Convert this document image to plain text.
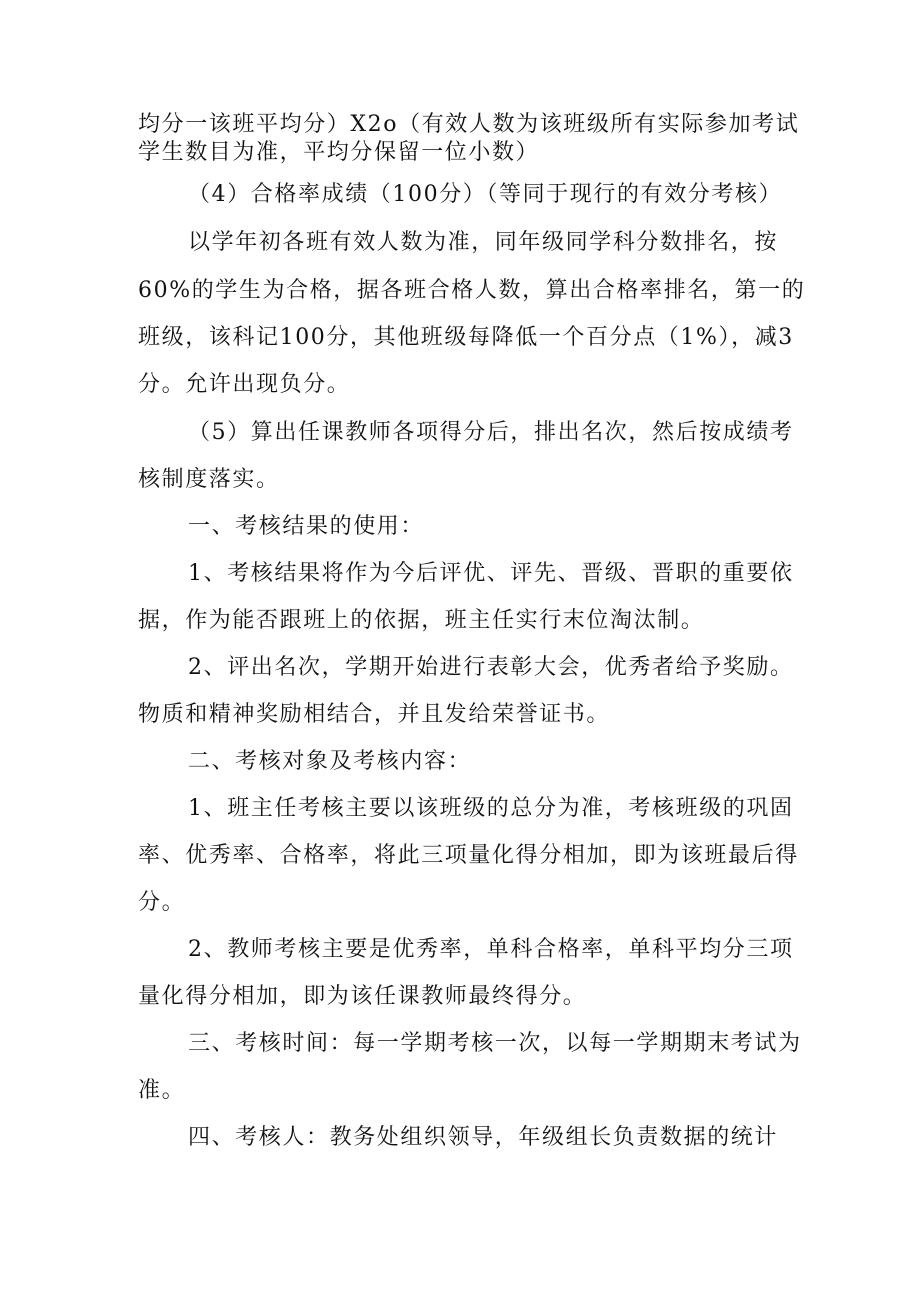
均分一该班平均分）X2o（有效人数为该班级所有实际参加考试
学生数目为准，平均分保留一位小数）
（4）合格率成绩（100分）（等同于现行的有效分考核）
以学年初各班有效人数为准，同年级同学科分数排名，按
60%的学生为合格，据各班合格人数，算出合格率排名，第一的
班级，该科记100分，其他班级每降低一个百分点（1%），减3
分。允许出现负分。
（5）算出任课教师各项得分后，排出名次，然后按成绩考
核制度落实。
一、考核结果的使用：
1、考核结果将作为今后评优、评先、晋级、晋职的重要依
据，作为能否跟班上的依据，班主任实行末位淘汰制。
2、评出名次，学期开始进行表彰大会，优秀者给予奖励。
物质和精神奖励相结合，并且发给荣誉证书。
二、考核对象及考核内容：
1、班主任考核主要以该班级的总分为准，考核班级的巩固
率、优秀率、合格率，将此三项量化得分相加，即为该班最后得
分。
2、教师考核主要是优秀率，单科合格率，单科平均分三项
量化得分相加，即为该任课教师最终得分。
三、考核时间：每一学期考核一次，以每一学期期末考试为
准。
四、考核人：教务处组织领导，年级组长负责数据的统计
